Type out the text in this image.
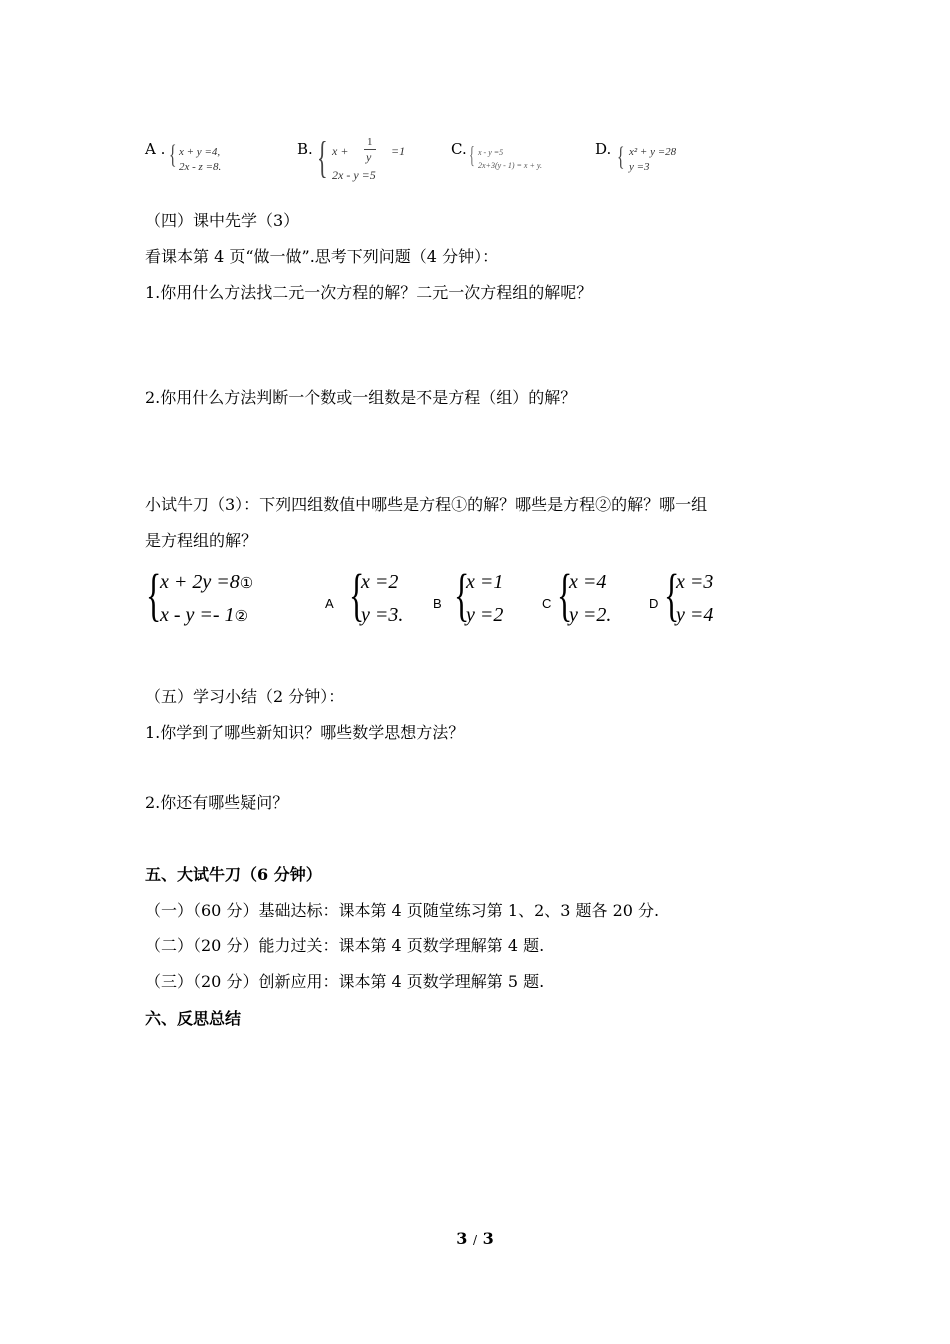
A . { x + y =4,
2x - z =8.
B. { x +
1
y =1
2x - y =5
C. { x - y =5
2x+3(y - 1) = x + y.
D. { x² + y =28
y =3
（四）课中先学（3）
看课本第 4 页“做一做”.思考下列问题（4 分钟）：
1.你用什么方法找二元一次方程的解？二元一次方程组的解呢？
2.你用什么方法判断一个数或一组数是不是方程（组）的解？
小试牛刀（3）：下列四组数值中哪些是方程①的解？哪些是方程②的解？哪一组
是方程组的解？
{
x + 2y =8①
x - y =- 1②
A {
x =2
y =3.
B {
x =1
y =2
C {
x =4
y =2.
D {
x =3
y =4
（五）学习小结（2 分钟）：
1.你学到了哪些新知识？哪些数学思想方法？
2.你还有哪些疑问？
五、大试牛刀（6 分钟）
（一）（60 分）基础达标：课本第 4 页随堂练习第 1、2、3 题各 20 分.
（二）（20 分）能力过关：课本第 4 页数学理解第 4 题.
（三）（20 分）创新应用：课本第 4 页数学理解第 5 题.
六、反思总结
3 / 3
